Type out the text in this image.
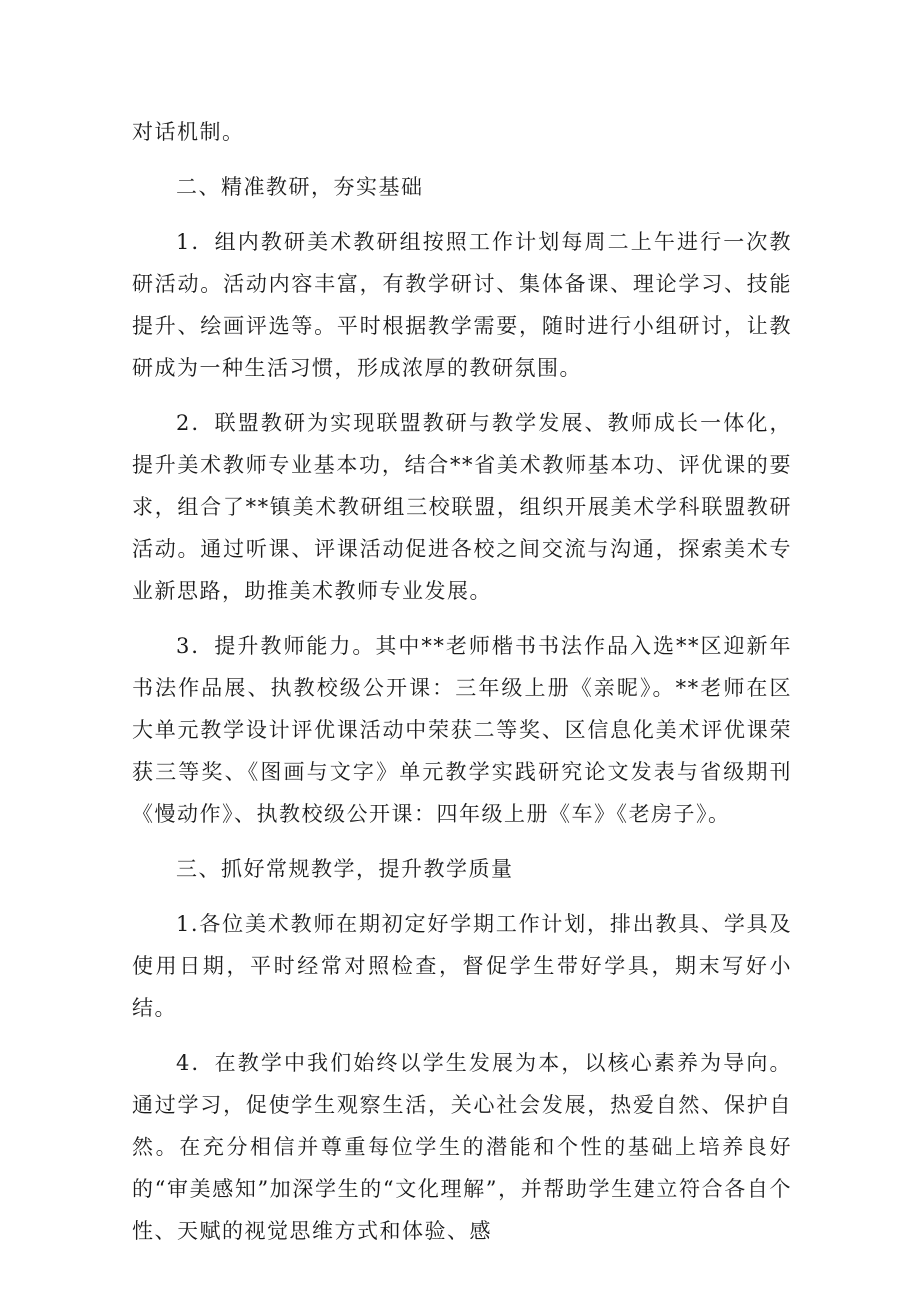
对话机制。

二、精准教研，夯实基础

1．组内教研美术教研组按照工作计划每周二上午进行一次教研活动。活动内容丰富，有教学研讨、集体备课、理论学习、技能提升、绘画评选等。平时根据教学需要，随时进行小组研讨，让教研成为一种生活习惯，形成浓厚的教研氛围。

2．联盟教研为实现联盟教研与教学发展、教师成长一体化，提升美术教师专业基本功，结合**省美术教师基本功、评优课的要求，组合了**镇美术教研组三校联盟，组织开展美术学科联盟教研活动。通过听课、评课活动促进各校之间交流与沟通，探索美术专业新思路，助推美术教师专业发展。

3．提升教师能力。其中**老师楷书书法作品入选**区迎新年书法作品展、执教校级公开课：三年级上册《亲昵》。**老师在区大单元教学设计评优课活动中荣获二等奖、区信息化美术评优课荣获三等奖、《图画与文字》单元教学实践研究论文发表与省级期刊《慢动作》、执教校级公开课：四年级上册《车》《老房子》。

三、抓好常规教学，提升教学质量

1.各位美术教师在期初定好学期工作计划，排出教具、学具及使用日期，平时经常对照检查，督促学生带好学具，期末写好小结。

4．在教学中我们始终以学生发展为本，以核心素养为导向。通过学习，促使学生观察生活，关心社会发展，热爱自然、保护自然。在充分相信并尊重每位学生的潜能和个性的基础上培养良好的“审美感知”加深学生的“文化理解”，并帮助学生建立符合各自个性、天赋的视觉思维方式和体验、感
